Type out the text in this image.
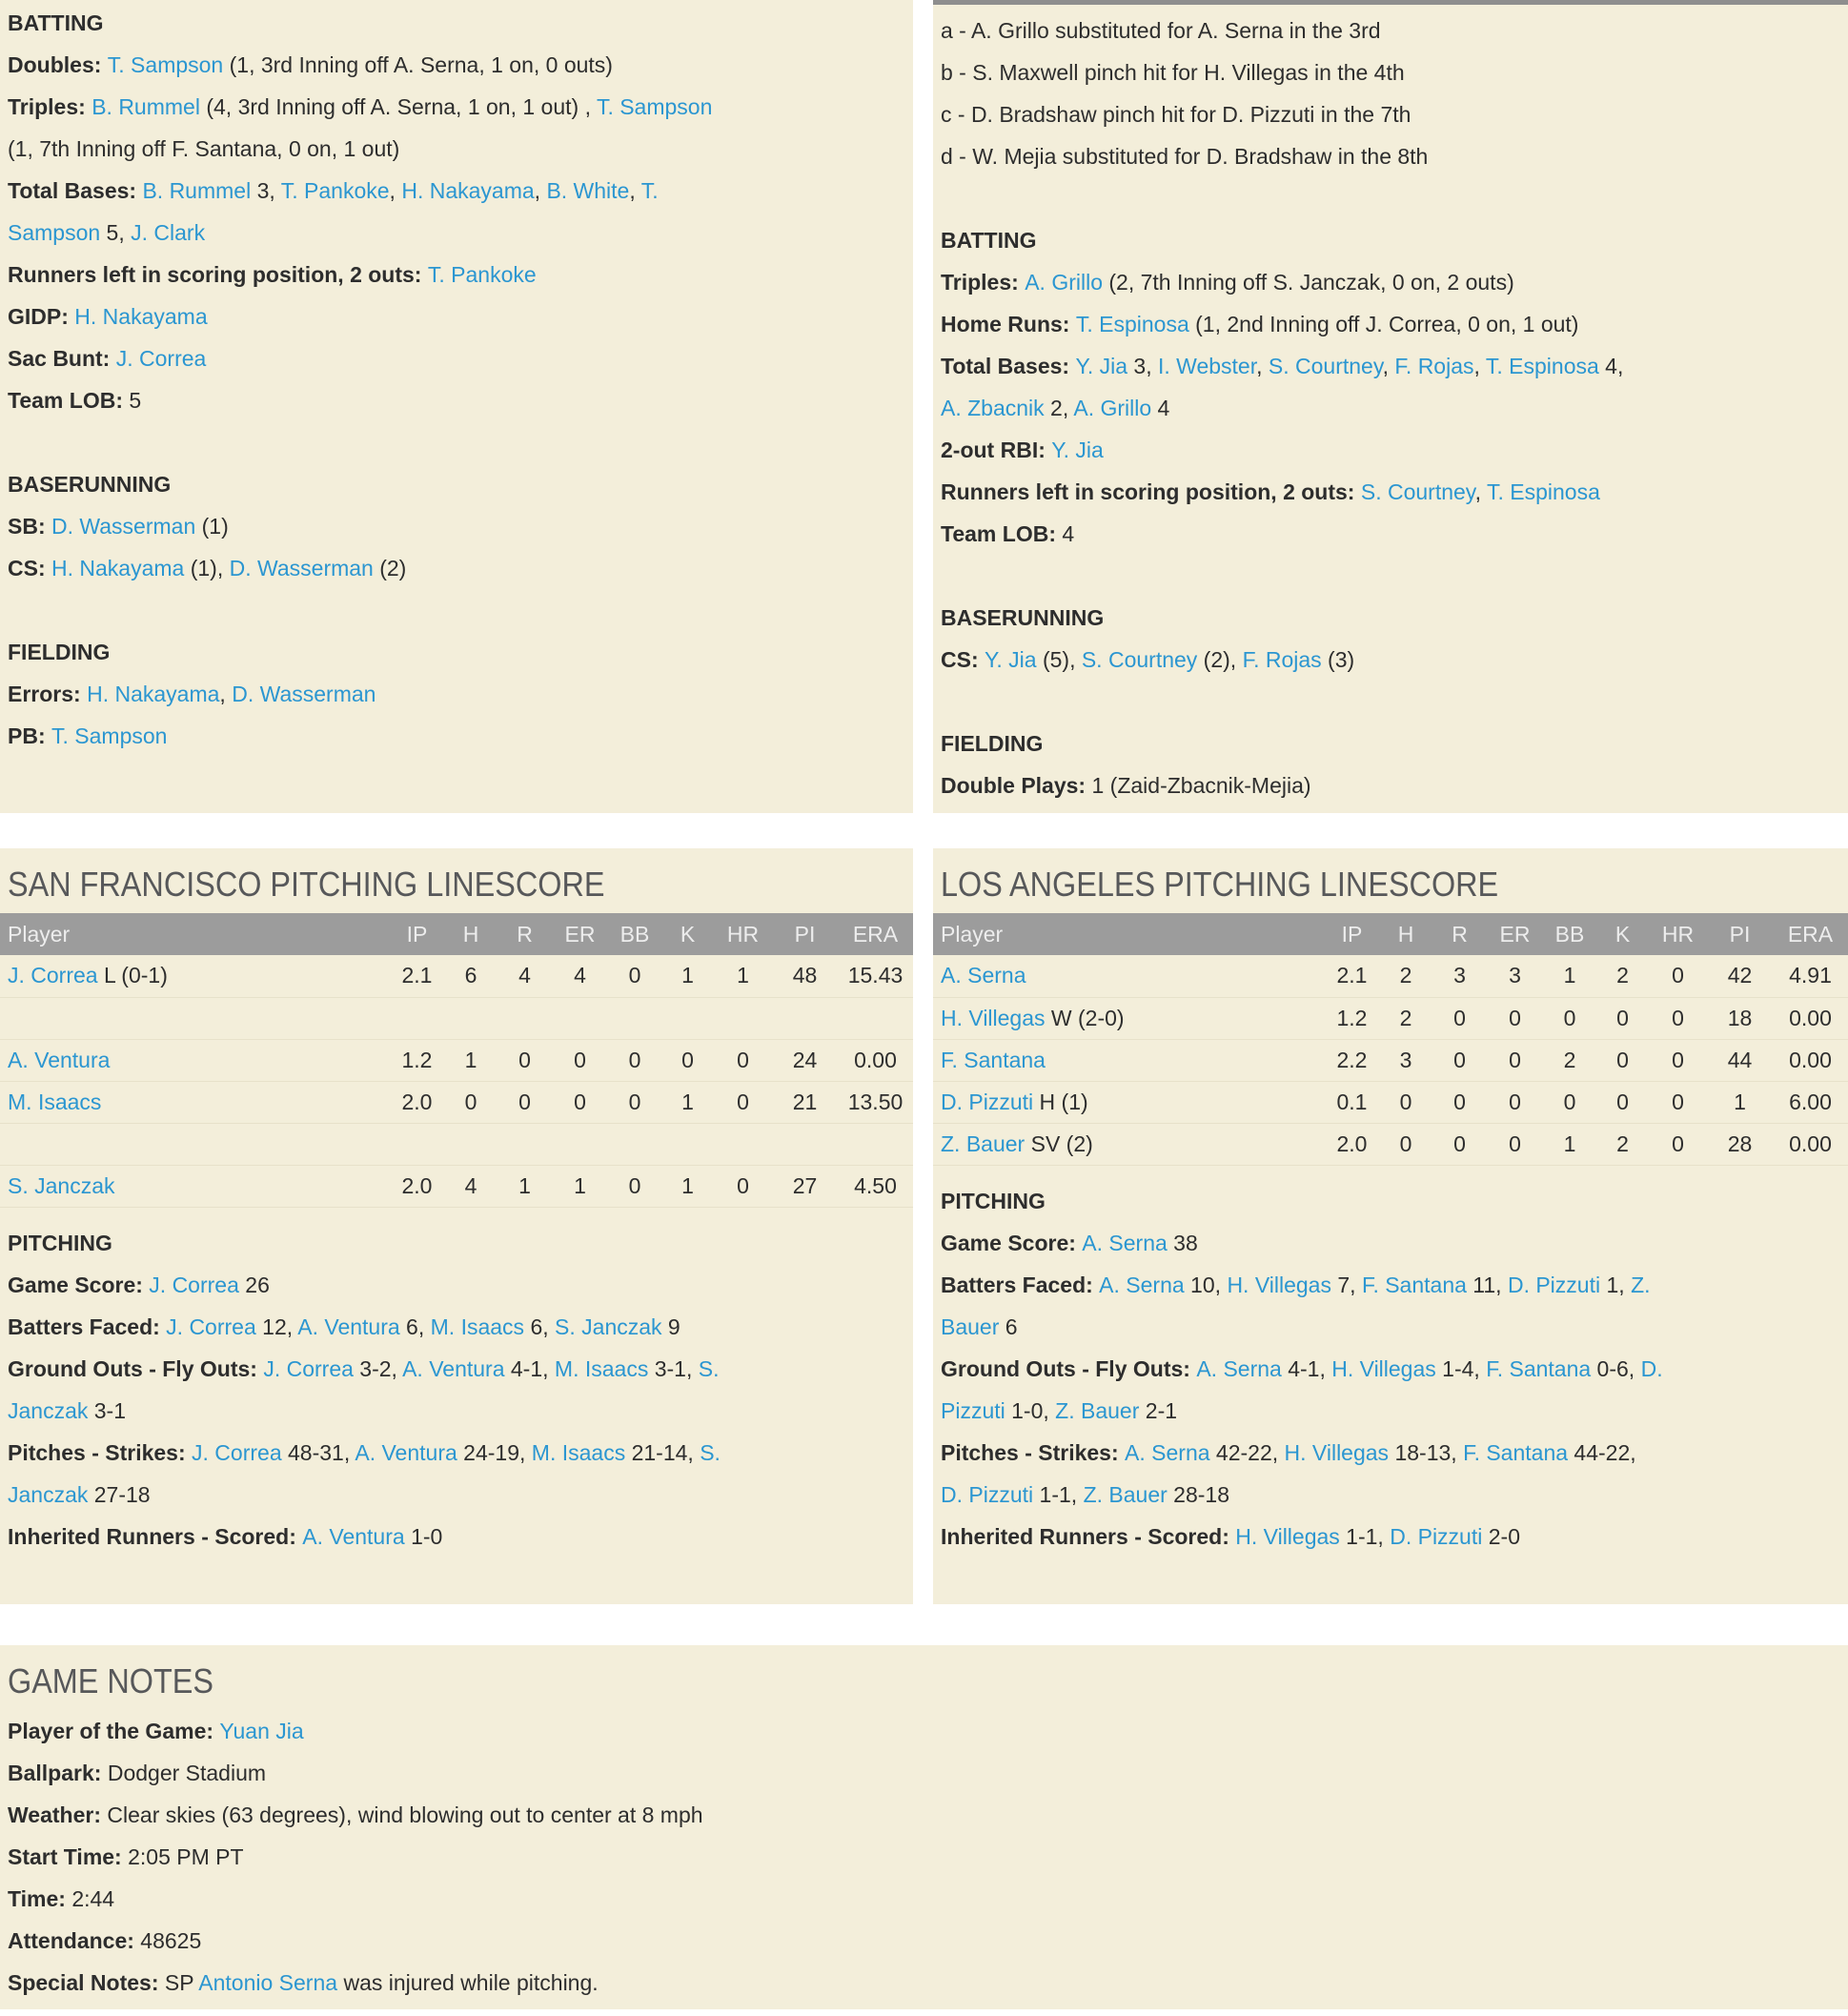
BATTING
Doubles: T. Sampson (1, 3rd Inning off A. Serna, 1 on, 0 outs)
Triples: B. Rummel (4, 3rd Inning off A. Serna, 1 on, 1 out) , T. Sampson
(1, 7th Inning off F. Santana, 0 on, 1 out)
Total Bases: B. Rummel 3, T. Pankoke, H. Nakayama, B. White, T.
Sampson 5, J. Clark
Runners left in scoring position, 2 outs: T. Pankoke
GIDP: H. Nakayama
Sac Bunt: J. Correa
Team LOB: 5
BASERUNNING
SB: D. Wasserman (1)
CS: H. Nakayama (1), D. Wasserman (2)
FIELDING
Errors: H. Nakayama, D. Wasserman
PB: T. Sampson
a - A. Grillo substituted for A. Serna in the 3rd
b - S. Maxwell pinch hit for H. Villegas in the 4th
c - D. Bradshaw pinch hit for D. Pizzuti in the 7th
d - W. Mejia substituted for D. Bradshaw in the 8th
BATTING
Triples: A. Grillo (2, 7th Inning off S. Janczak, 0 on, 2 outs)
Home Runs: T. Espinosa (1, 2nd Inning off J. Correa, 0 on, 1 out)
Total Bases: Y. Jia 3, I. Webster, S. Courtney, F. Rojas, T. Espinosa 4,
A. Zbacnik 2, A. Grillo 4
2-out RBI: Y. Jia
Runners left in scoring position, 2 outs: S. Courtney, T. Espinosa
Team LOB: 4
BASERUNNING
CS: Y. Jia (5), S. Courtney (2), F. Rojas (3)
FIELDING
Double Plays: 1 (Zaid-Zbacnik-Mejia)
SAN FRANCISCO PITCHING LINESCORE
Player	IP	H	R	ER	BB	K	HR	PI	ERA
J. Correa L (0-1)	2.1	6	4	4	0	1	1	48	15.43

A. Ventura	1.2	1	0	0	0	0	0	24	0.00
M. Isaacs	2.0	0	0	0	0	1	0	21	13.50

S. Janczak	2.0	4	1	1	0	1	0	27	4.50
PITCHING
Game Score: J. Correa 26
Batters Faced: J. Correa 12, A. Ventura 6, M. Isaacs 6, S. Janczak 9
Ground Outs - Fly Outs: J. Correa 3-2, A. Ventura 4-1, M. Isaacs 3-1, S.
Janczak 3-1
Pitches - Strikes: J. Correa 48-31, A. Ventura 24-19, M. Isaacs 21-14, S.
Janczak 27-18
Inherited Runners - Scored: A. Ventura 1-0
LOS ANGELES PITCHING LINESCORE
Player	IP	H	R	ER	BB	K	HR	PI	ERA
A. Serna	2.1	2	3	3	1	2	0	42	4.91
H. Villegas W (2-0)	1.2	2	0	0	0	0	0	18	0.00
F. Santana	2.2	3	0	0	2	0	0	44	0.00
D. Pizzuti H (1)	0.1	0	0	0	0	0	0	1	6.00
Z. Bauer SV (2)	2.0	0	0	0	1	2	0	28	0.00
PITCHING
Game Score: A. Serna 38
Batters Faced: A. Serna 10, H. Villegas 7, F. Santana 11, D. Pizzuti 1, Z.
Bauer 6
Ground Outs - Fly Outs: A. Serna 4-1, H. Villegas 1-4, F. Santana 0-6, D.
Pizzuti 1-0, Z. Bauer 2-1
Pitches - Strikes: A. Serna 42-22, H. Villegas 18-13, F. Santana 44-22,
D. Pizzuti 1-1, Z. Bauer 28-18
Inherited Runners - Scored: H. Villegas 1-1, D. Pizzuti 2-0
GAME NOTES
Player of the Game: Yuan Jia
Ballpark: Dodger Stadium
Weather: Clear skies (63 degrees), wind blowing out to center at 8 mph
Start Time: 2:05 PM PT
Time: 2:44
Attendance: 48625
Special Notes: SP Antonio Serna was injured while pitching.
